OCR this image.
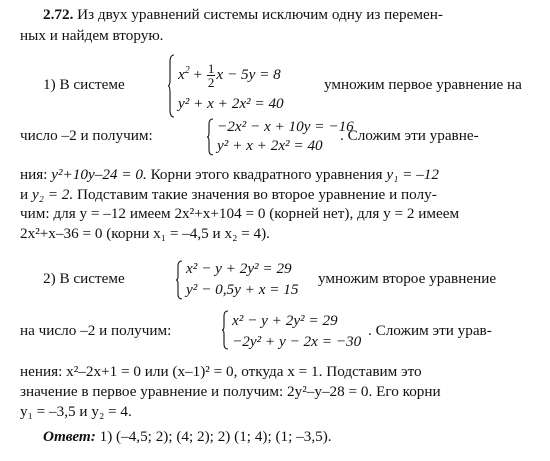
2.72. Из двух уравнений системы исключим одну из перемен-
ных и найдем вторую.
1) В системе
$x^2 + \frac{1}{2}$ x − 5y = 8
y² + x + 2x² = 40
умножим первое уравнение на
число –2 и получим:
−2x² − x + 10y = −16
y² + x + 2x² = 40
. Сложим эти уравне-
ния: y²+10y–24 = 0. Корни этого квадратного уравнения y₁ = –12
и y₂ = 2. Подставим такие значения во второе уравнение и полу-
чим: для y = –12 имеем 2x²+x+104 = 0 (корней нет), для y = 2 имеем
2x²+x–36 = 0 (корни x₁ = –4,5 и x₂ = 4).
2) В системе
x² − y + 2y² = 29
y² − 0,5y + x = 15
умножим второе уравнение
на число –2 и получим:
x² − y + 2y² = 29
−2y² + y − 2x = −30
. Сложим эти урав-
нения: x²–2x+1 = 0 или (x–1)² = 0, откуда x = 1. Подставим это
значение в первое уравнение и получим: 2y²–y–28 = 0. Его корни
y₁ = –3,5 и y₂ = 4.
Ответ: 1) (–4,5; 2); (4; 2); 2) (1; 4); (1; –3,5).
